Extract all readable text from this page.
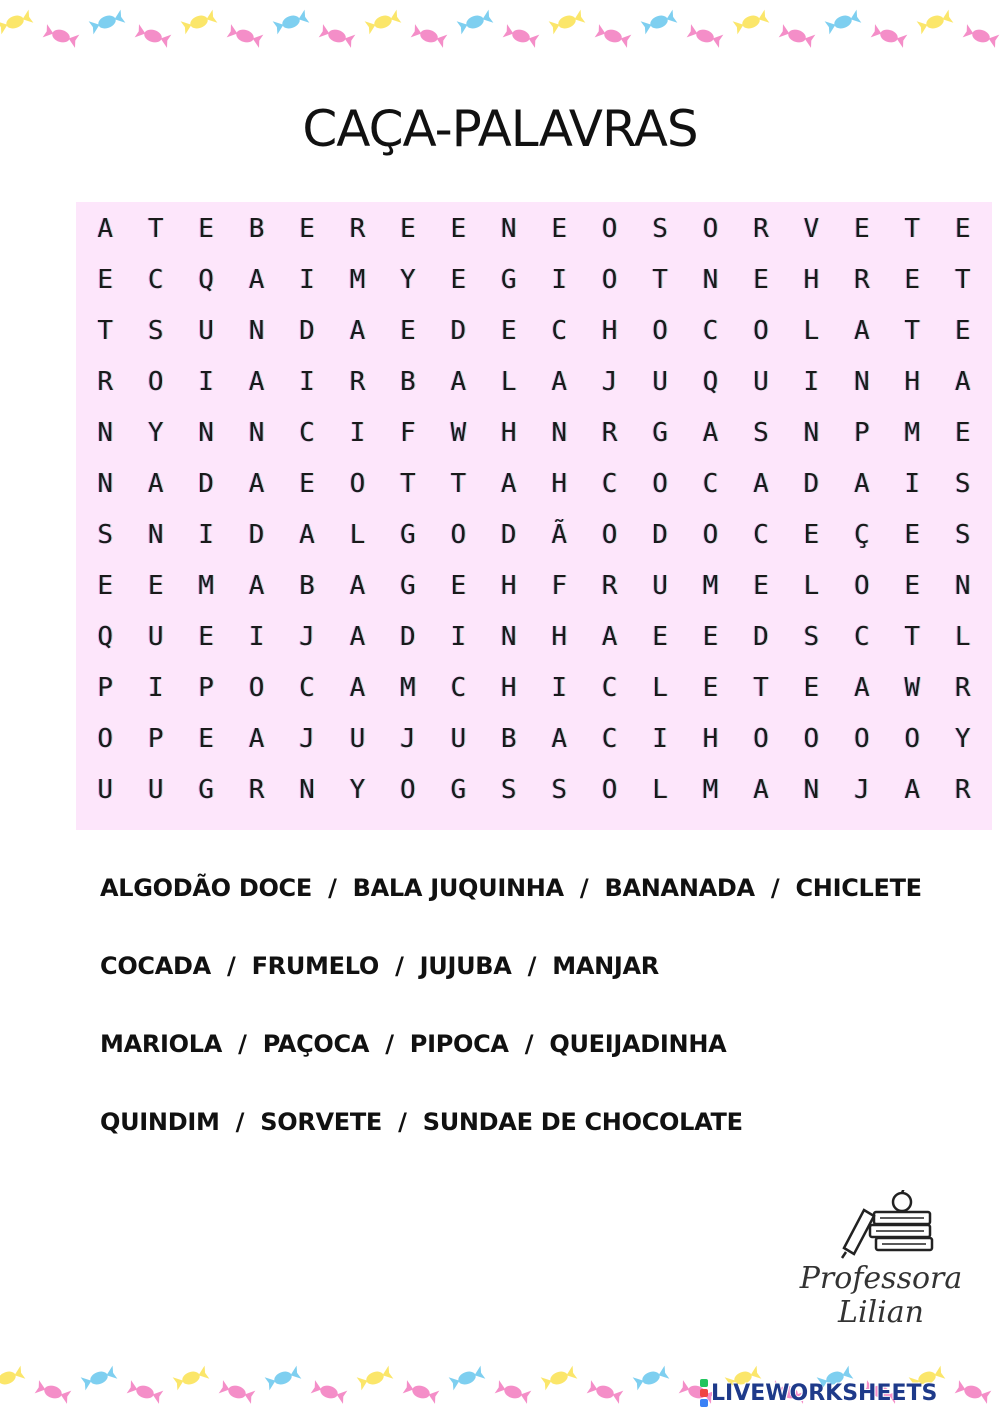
CAÇA-PALAVRAS
A	T	E	B	E	R	E	E	N	E	O	S	O	R	V	E	T	E
E	C	Q	A	I	M	Y	E	G	I	O	T	N	E	H	R	E	T
T	S	U	N	D	A	E	D	E	C	H	O	C	O	L	A	T	E
R	O	I	A	I	R	B	A	L	A	J	U	Q	U	I	N	H	A
N	Y	N	N	C	I	F	W	H	N	R	G	A	S	N	P	M	E
N	A	D	A	E	O	T	T	A	H	C	O	C	A	D	A	I	S
S	N	I	D	A	L	G	O	D	Ã	O	D	O	C	E	Ç	E	S
E	E	M	A	B	A	G	E	H	F	R	U	M	E	L	O	E	N
Q	U	E	I	J	A	D	I	N	H	A	E	E	D	S	C	T	L
P	I	P	O	C	A	M	C	H	I	C	L	E	T	E	A	W	R
O	P	E	A	J	U	J	U	B	A	C	I	H	O	O	O	O	Y
U	U	G	R	N	Y	O	G	S	S	O	L	M	A	N	J	A	R
ALGODÃO DOCE  /  BALA JUQUINHA  /  BANANADA  /  CHICLETE
COCADA  /  FRUMELO  /  JUJUBA  /  MANJAR
MARIOLA  /  PAÇOCA  /  PIPOCA  /  QUEIJADINHA
QUINDIM  /  SORVETE  /  SUNDAE DE CHOCOLATE
Professora
Lilian
LIVEWORKSHEETS
